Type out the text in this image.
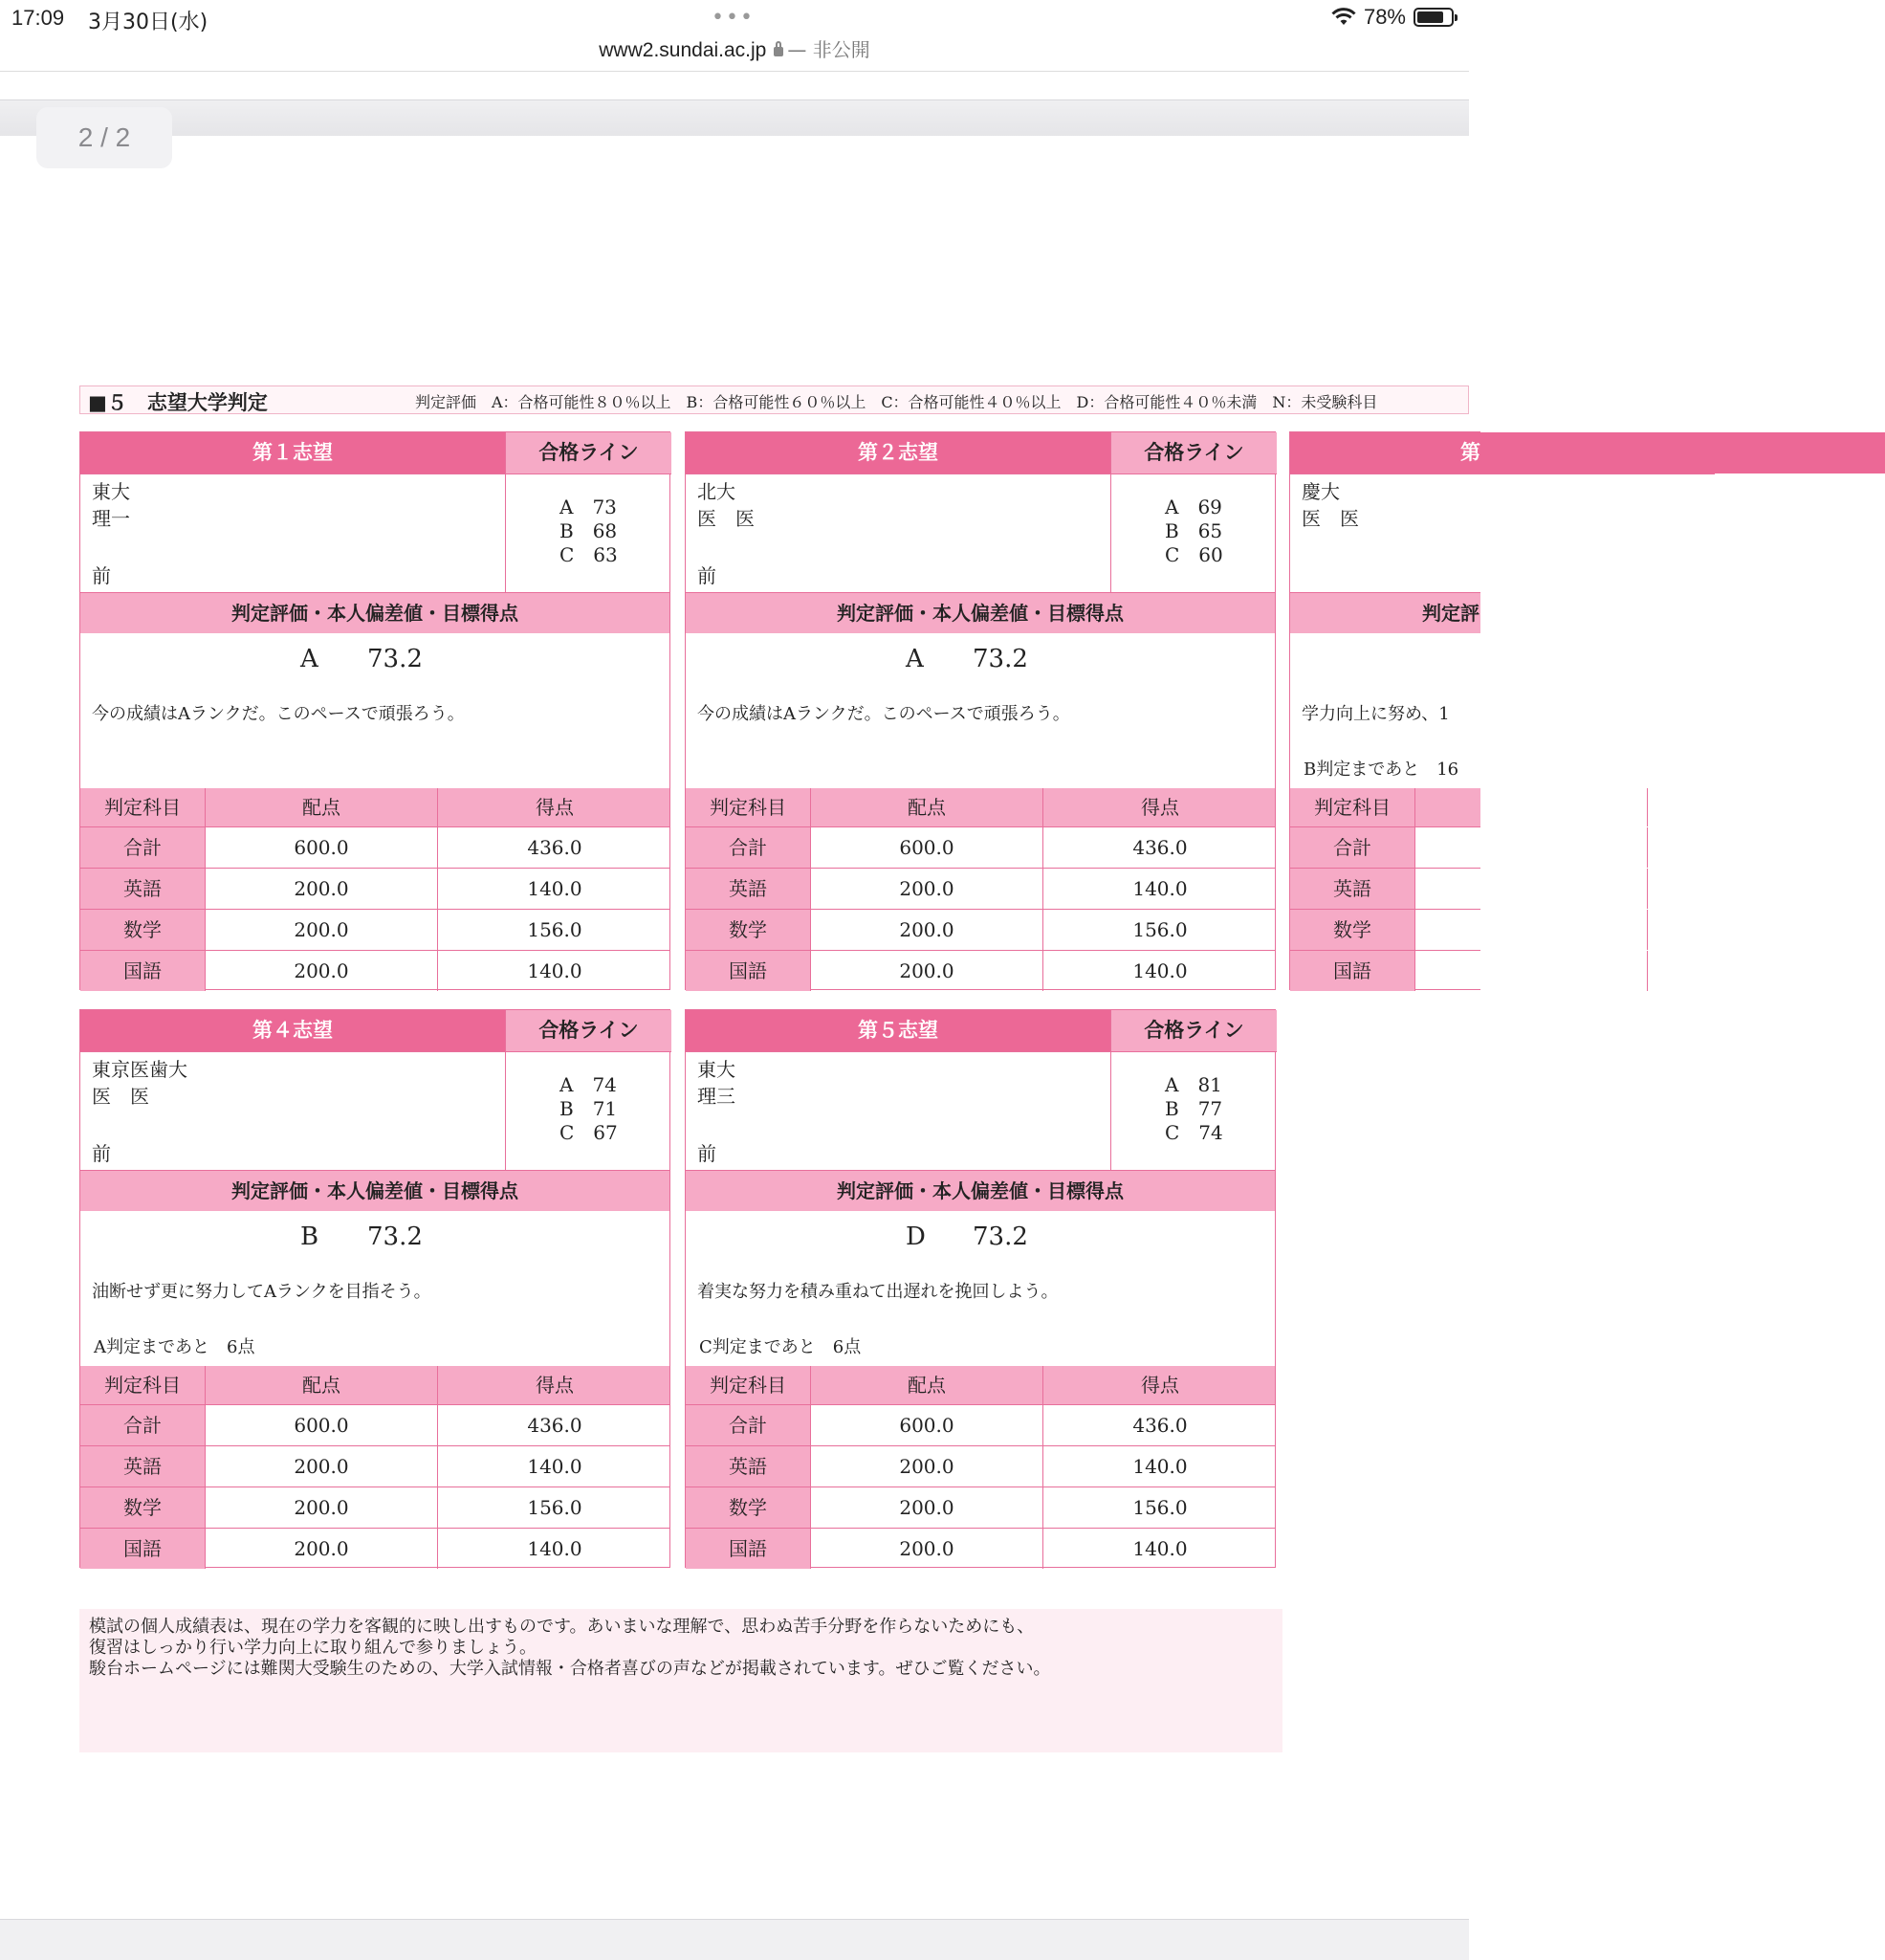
17:09 3月30日(水)	•••	78%
www2.sundai.ac.jp — 非公開
2 / 2
■５　志望大学判定	判定評価　A：合格可能性８０％以上　B：合格可能性６０％以上　C：合格可能性４０％以上　D：合格可能性４０％未満　N：未受験科目
第１志望	合格ライン
東大
理一
前
A　73
B　68
C　63
判定評価・本人偏差値・目標得点
A 73.2
今の成績はAランクだ。このペースで頑張ろう。
判定科目	配点	得点
合計	600.0	436.0
英語	200.0	140.0
数学	200.0	156.0
国語	200.0	140.0
第２志望	合格ライン
北大
医　医
前
A　69
B　65
C　60
判定評価・本人偏差値・目標得点
A 73.2
今の成績はAランクだ。このペースで頑張ろう。
判定科目	配点	得点
合計	600.0	436.0
英語	200.0	140.0
数学	200.0	156.0
国語	200.0	140.0
第
慶大
医　医
判定評
学力向上に努め、1
B判定まであと　16
判定科目
合計
英語
数学
国語
第４志望	合格ライン
東京医歯大
医　医
前
A　74
B　71
C　67
判定評価・本人偏差値・目標得点
B 73.2
油断せず更に努力してAランクを目指そう。
A判定まであと　6点
判定科目	配点	得点
合計	600.0	436.0
英語	200.0	140.0
数学	200.0	156.0
国語	200.0	140.0
第５志望	合格ライン
東大
理三
前
A　81
B　77
C　74
判定評価・本人偏差値・目標得点
D 73.2
着実な努力を積み重ねて出遅れを挽回しよう。
C判定まであと　6点
判定科目	配点	得点
合計	600.0	436.0
英語	200.0	140.0
数学	200.0	156.0
国語	200.0	140.0
模試の個人成績表は、現在の学力を客観的に映し出すものです。あいまいな理解で、思わぬ苦手分野を作らないためにも、
復習はしっかり行い学力向上に取り組んで参りましょう。
駿台ホームページには難関大受験生のための、大学入試情報・合格者喜びの声などが掲載されています。ぜひご覧ください。
